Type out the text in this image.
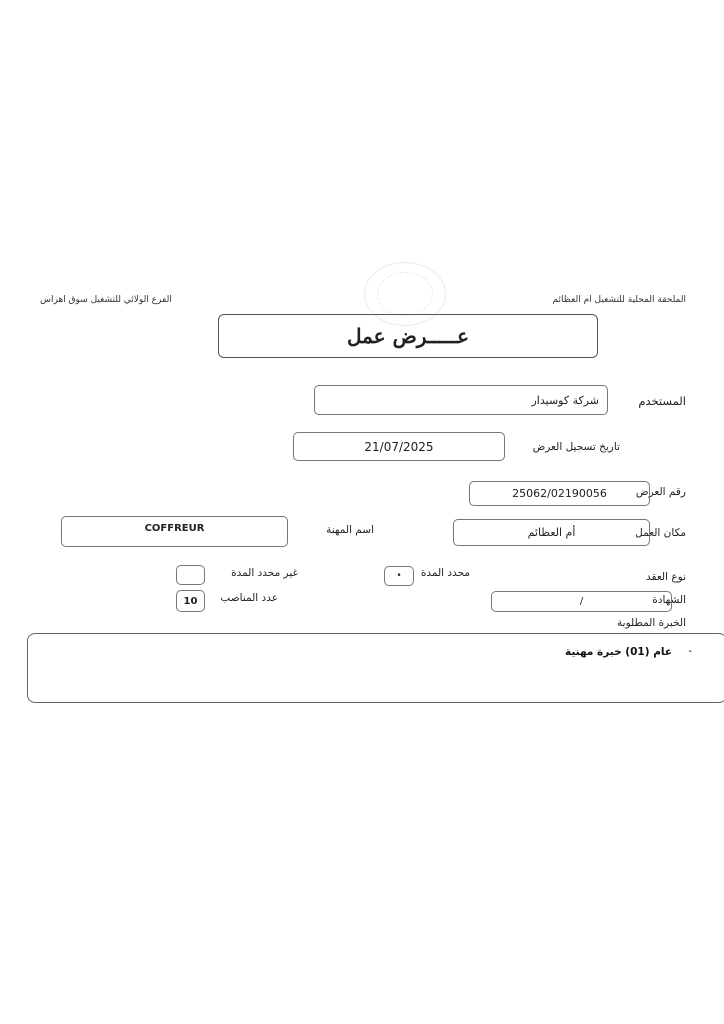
الملحقة المحلية للتشغيل ام العظائم
الفرع الولائي للتشغيل سوق اهراس
عـــــرض عمل
المستخدم
شركة كوسيدار
تاريخ تسجيل العرض
21/07/2025
رقم العرض
25062/02190056
مكان العمل
أم العظائم
اسم المهنة
COFFREUR
نوع العقد
محدد المدة
•
غير محدد المدة
عدد المناصب
10	الشهادة
/
الخبرة المطلوبة
-
عام (01) خبرة مهنية
